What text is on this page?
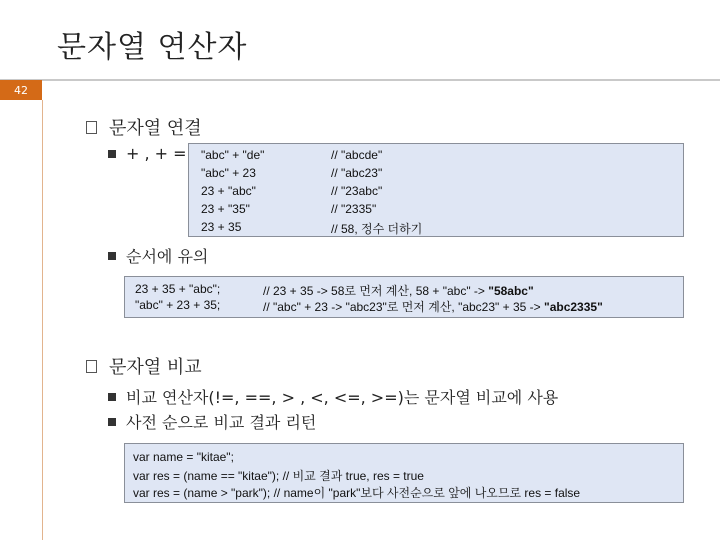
문자열 연산자
42
문자열 연결
+ , + = "abc" + "de"	// "abcde"
"abc" + 23	// "abc23"
23 + "abc"	// "23abc"
23 + "35"	// "2335"
23 + 35	// 58, 정수 더하기
순서에 유의
23 + 35 + "abc";	// 23 + 35 -> 58로 먼저 계산, 58 + "abc" -> "58abc"
"abc" + 23 + 35;	// "abc" + 23 -> "abc23"로 먼저 계산, "abc23" + 35 -> "abc2335"
문자열 비교
비교 연산자(!=, ==, > , <, <=, >=)는 문자열 비교에 사용
사전 순으로 비교 결과 리턴
var name = "kitae";
var res = (name == "kitae"); // 비교 결과 true, res = true
var res = (name > "park"); // name이 "park"보다 사전순으로 앞에 나오므로 res = false
